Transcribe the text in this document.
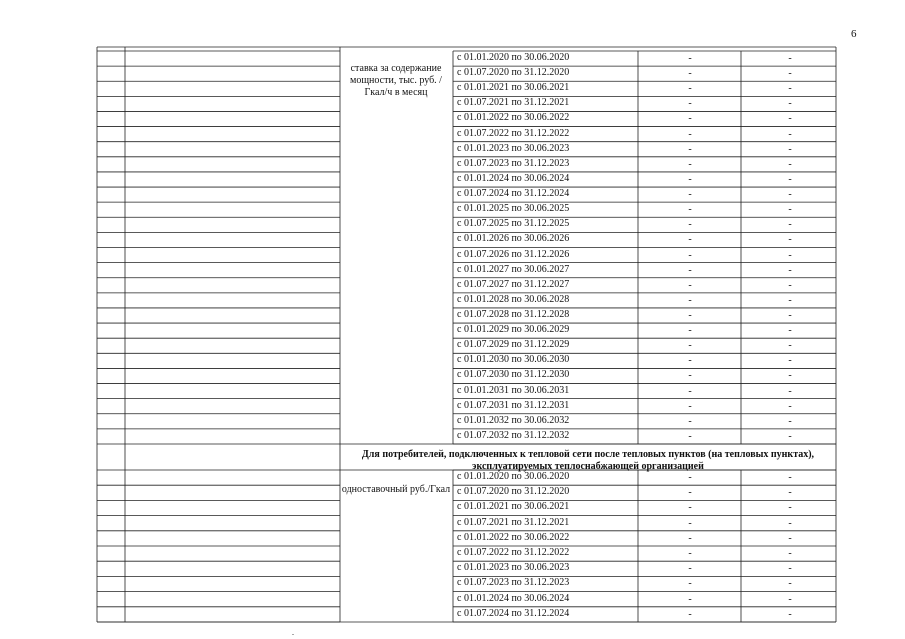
6
ставка за содержание мощности, тыс. руб. /Гкал/ч в месяц
Для потребителей, подключенных к тепловой сети после тепловых пунктов (на тепловых пунктах), эксплуатируемых теплоснабжающей организацией
одноставочный руб./Гкал
с 01.01.2020 по 30.06.2020	-	-
с 01.07.2020 по 31.12.2020	-	-
с 01.01.2021 по 30.06.2021	-	-
с 01.07.2021 по 31.12.2021	-	-
с 01.01.2022 по 30.06.2022	-	-
с 01.07.2022 по 31.12.2022	-	-
с 01.01.2023 по 30.06.2023	-	-
с 01.07.2023 по 31.12.2023	-	-
с 01.01.2024 по 30.06.2024	-	-
с 01.07.2024 по 31.12.2024	-	-
с 01.01.2025 по 30.06.2025	-	-
с 01.07.2025 по 31.12.2025	-	-
с 01.01.2026 по 30.06.2026	-	-
с 01.07.2026 по 31.12.2026	-	-
с 01.01.2027 по 30.06.2027	-	-
с 01.07.2027 по 31.12.2027	-	-
с 01.01.2028 по 30.06.2028	-	-
с 01.07.2028 по 31.12.2028	-	-
с 01.01.2029 по 30.06.2029	-	-
с 01.07.2029 по 31.12.2029	-	-
с 01.01.2030 по 30.06.2030	-	-
с 01.07.2030 по 31.12.2030	-	-
с 01.01.2031 по 30.06.2031	-	-
с 01.07.2031 по 31.12.2031	-	-
с 01.01.2032 по 30.06.2032	-	-
с 01.07.2032 по 31.12.2032	-	-
с 01.01.2020 по 30.06.2020	-	-
с 01.07.2020 по 31.12.2020	-	-
с 01.01.2021 по 30.06.2021	-	-
с 01.07.2021 по 31.12.2021	-	-
с 01.01.2022 по 30.06.2022	-	-
с 01.07.2022 по 31.12.2022	-	-
с 01.01.2023 по 30.06.2023	-	-
с 01.07.2023 по 31.12.2023	-	-
с 01.01.2024 по 30.06.2024	-	-
с 01.07.2024 по 31.12.2024	-	-
.
